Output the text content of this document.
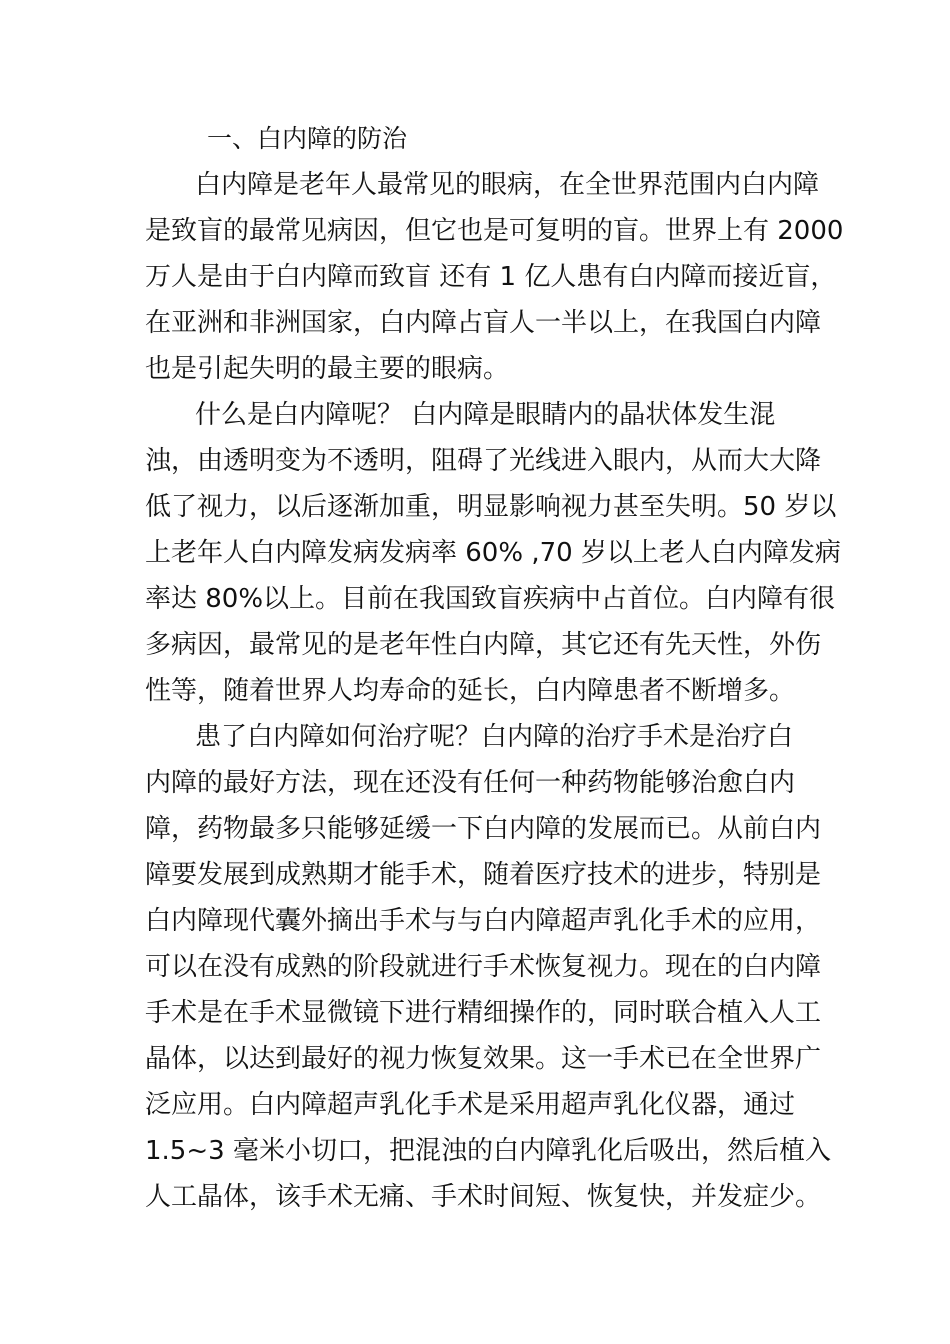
一、白内障的防治
白内障是老年人最常见的眼病，在全世界范围内白内障
是致盲的最常见病因，但它也是可复明的盲。世界上有 2000
万人是由于白内障而致盲 还有 1 亿人患有白内障而接近盲，
在亚洲和非洲国家，白内障占盲人一半以上，在我国白内障
也是引起失明的最主要的眼病。
什么是白内障呢？ 白内障是眼睛内的晶状体发生混
浊，由透明变为不透明，阻碍了光线进入眼内，从而大大降
低了视力，以后逐渐加重，明显影响视力甚至失明。50 岁以
上老年人白内障发病发病率 60% ,70 岁以上老人白内障发病
率达 80%以上。目前在我国致盲疾病中占首位。白内障有很
多病因，最常见的是老年性白内障，其它还有先天性，外伤
性等，随着世界人均寿命的延长，白内障患者不断增多。
患了白内障如何治疗呢？白内障的治疗手术是治疗白
内障的最好方法，现在还没有任何一种药物能够治愈白内
障，药物最多只能够延缓一下白内障的发展而已。从前白内
障要发展到成熟期才能手术，随着医疗技术的进步，特别是
白内障现代囊外摘出手术与与白内障超声乳化手术的应用，
可以在没有成熟的阶段就进行手术恢复视力。现在的白内障
手术是在手术显微镜下进行精细操作的，同时联合植入人工
晶体，以达到最好的视力恢复效果。这一手术已在全世界广
泛应用。白内障超声乳化手术是采用超声乳化仪器，通过
1.5~3 毫米小切口，把混浊的白内障乳化后吸出，然后植入
人工晶体，该手术无痛、手术时间短、恢复快，并发症少。
